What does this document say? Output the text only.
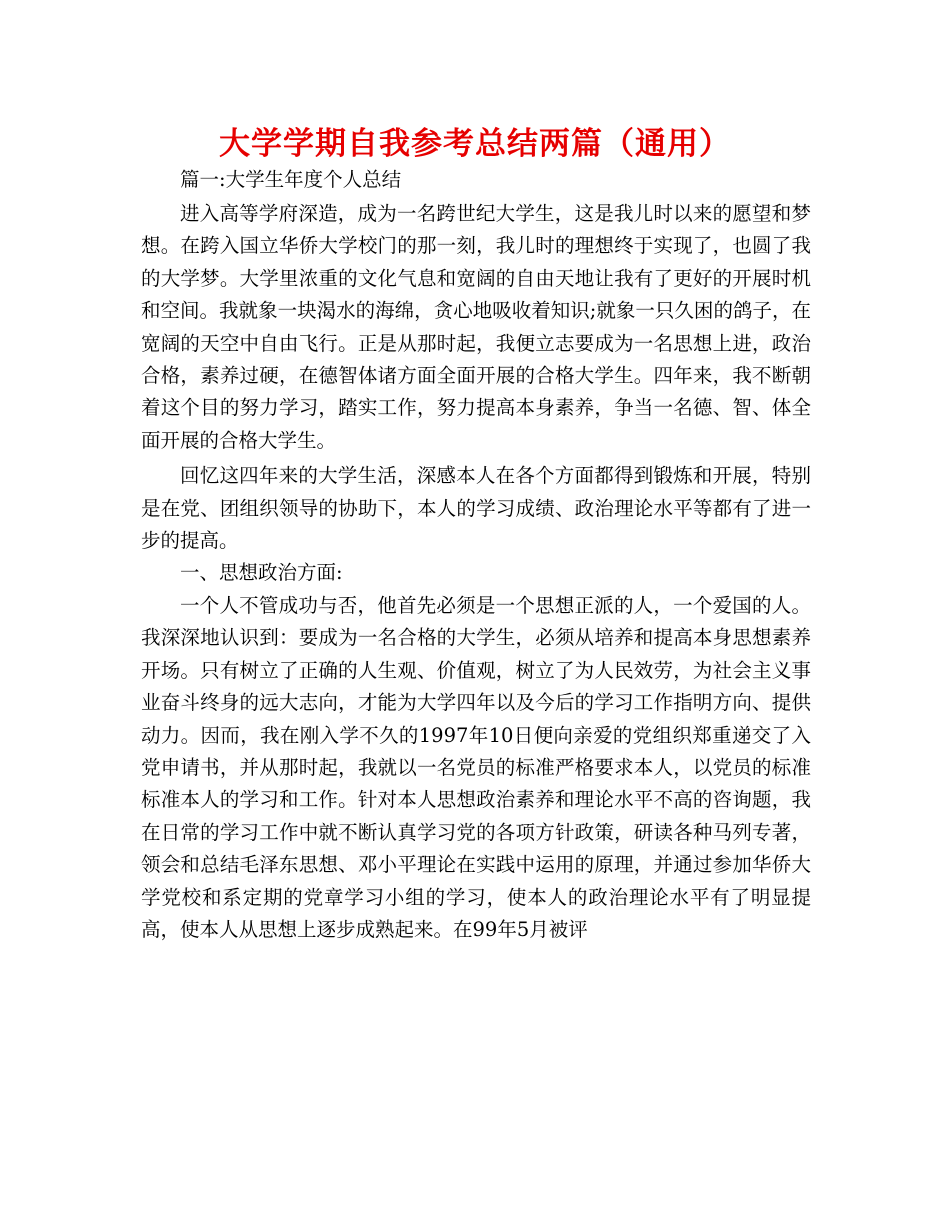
大学学期自我参考总结两篇（通用）

篇一:大学生年度个人总结

进入高等学府深造，成为一名跨世纪大学生，这是我儿时以来的愿望和梦想。在跨入国立华侨大学校门的那一刻，我儿时的理想终于实现了，也圆了我的大学梦。大学里浓重的文化气息和宽阔的自由天地让我有了更好的开展时机和空间。我就象一块渴水的海绵，贪心地吸收着知识;就象一只久困的鸽子，在宽阔的天空中自由飞行。正是从那时起，我便立志要成为一名思想上进，政治合格，素养过硬，在德智体诸方面全面开展的合格大学生。四年来，我不断朝着这个目的努力学习，踏实工作，努力提高本身素养，争当一名德、智、体全面开展的合格大学生。

回忆这四年来的大学生活，深感本人在各个方面都得到锻炼和开展，特别是在党、团组织领导的协助下，本人的学习成绩、政治理论水平等都有了进一步的提高。

一、思想政治方面:

一个人不管成功与否，他首先必须是一个思想正派的人，一个爱国的人。我深深地认识到：要成为一名合格的大学生，必须从培养和提高本身思想素养开场。只有树立了正确的人生观、价值观，树立了为人民效劳，为社会主义事业奋斗终身的远大志向，才能为大学四年以及今后的学习工作指明方向、提供动力。因而，我在刚入学不久的1997年10日便向亲爱的党组织郑重递交了入党申请书，并从那时起，我就以一名党员的标准严格要求本人，以党员的标准标准本人的学习和工作。针对本人思想政治素养和理论水平不高的咨询题，我在日常的学习工作中就不断认真学习党的各项方针政策，研读各种马列专著，领会和总结毛泽东思想、邓小平理论在实践中运用的原理，并通过参加华侨大学党校和系定期的党章学习小组的学习，使本人的政治理论水平有了明显提高，使本人从思想上逐步成熟起来。在99年5月被评
